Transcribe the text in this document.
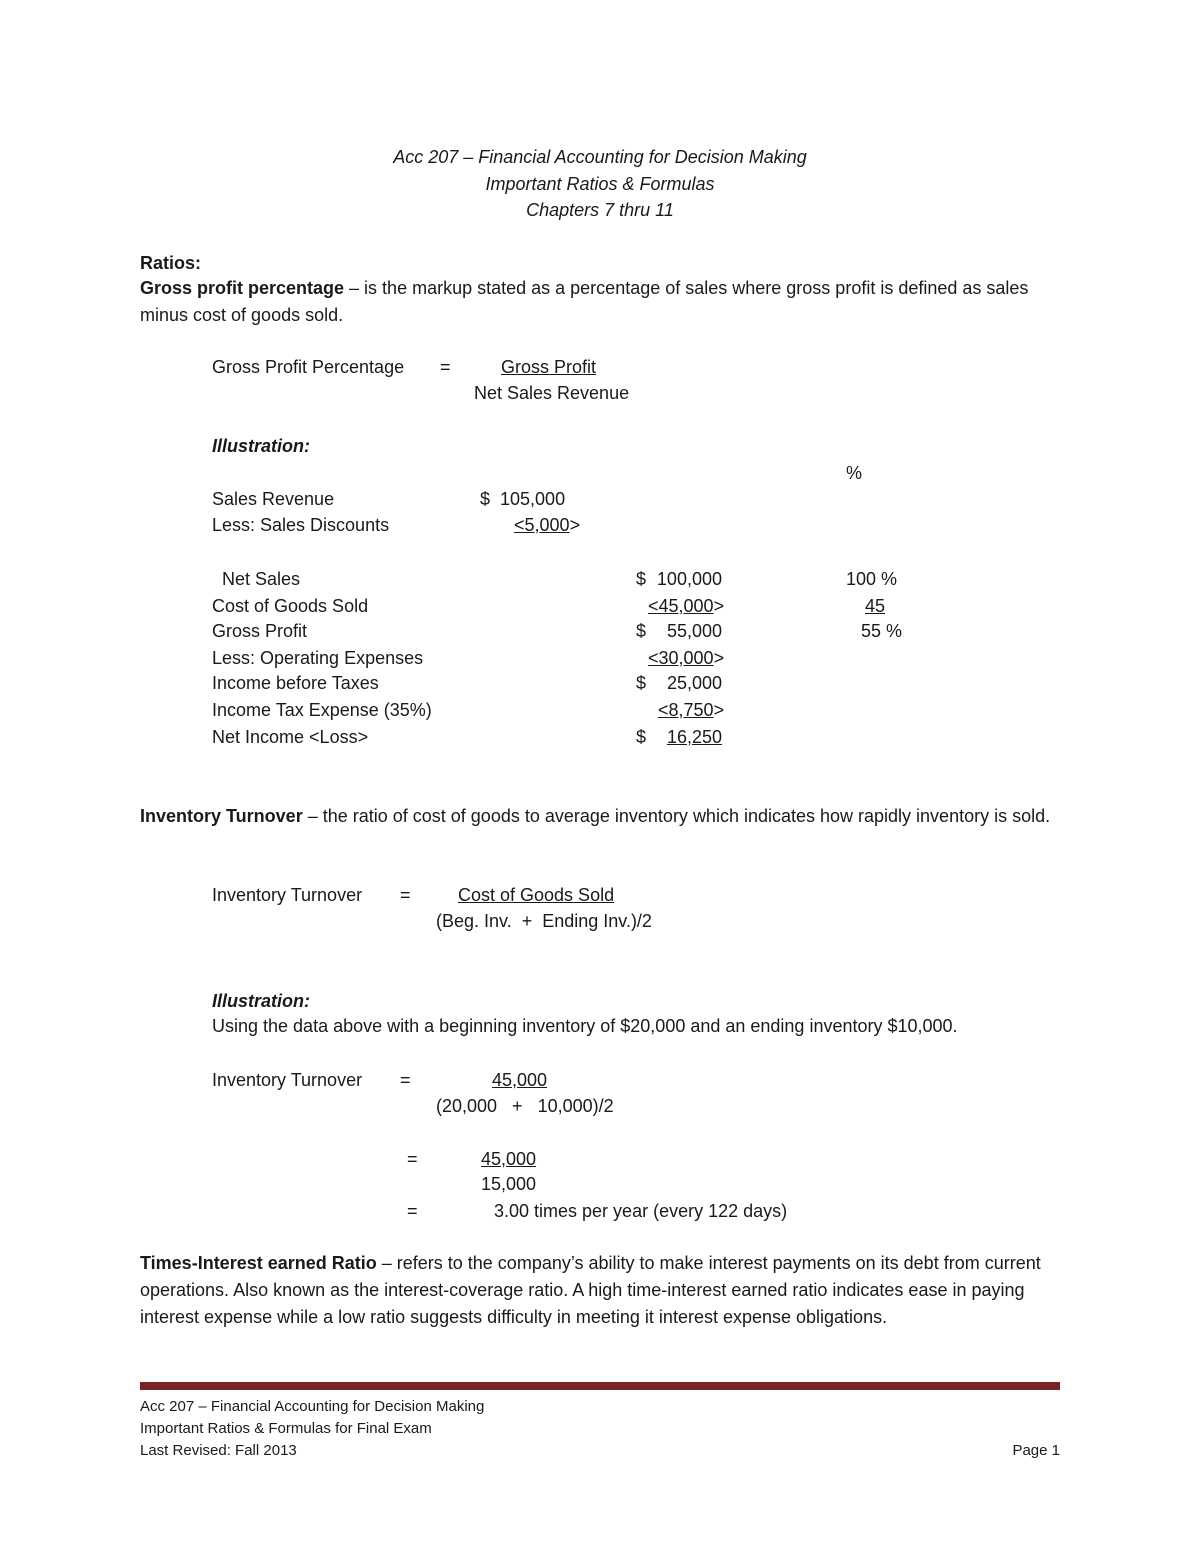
Acc 207 – Financial Accounting for Decision Making
Important Ratios & Formulas
Chapters 7 thru 11
Ratios:
Gross profit percentage – is the markup stated as a percentage of sales where gross profit is defined as sales minus cost of goods sold.
Gross Profit Percentage =	Gross Profit
Net Sales Revenue
Illustration:
%
Sales Revenue	$  105,000
Less: Sales Discounts	<5,000>
Net Sales	$ 100,000	100 %
Cost of Goods Sold	<45,000>	45
Gross Profit	$	55,000	55 %
Less: Operating Expenses	<30,000>
Income before Taxes	$	25,000
Income Tax Expense (35%)	<8,750>
Net Income <Loss>	$	16,250
Inventory Turnover – the ratio of cost of goods to average inventory which indicates how rapidly inventory is sold.
Inventory Turnover =	Cost of Goods Sold
(Beg. Inv.  +  Ending Inv.)/2
Illustration:
Using the data above with a beginning inventory of $20,000 and an ending inventory $10,000.
Inventory Turnover =	45,000
(20,000   +   10,000)/2
=	45,000
15,000
=	3.00 times per year (every 122 days)
Times-Interest earned Ratio – refers to the company’s ability to make interest payments on its debt from current operations. Also known as the interest-coverage ratio. A high time-interest earned ratio indicates ease in paying interest expense while a low ratio suggests difficulty in meeting it interest expense obligations.
Acc 207 – Financial Accounting for Decision Making
Important Ratios & Formulas for Final Exam
Last Revised: Fall 2013	Page 1
